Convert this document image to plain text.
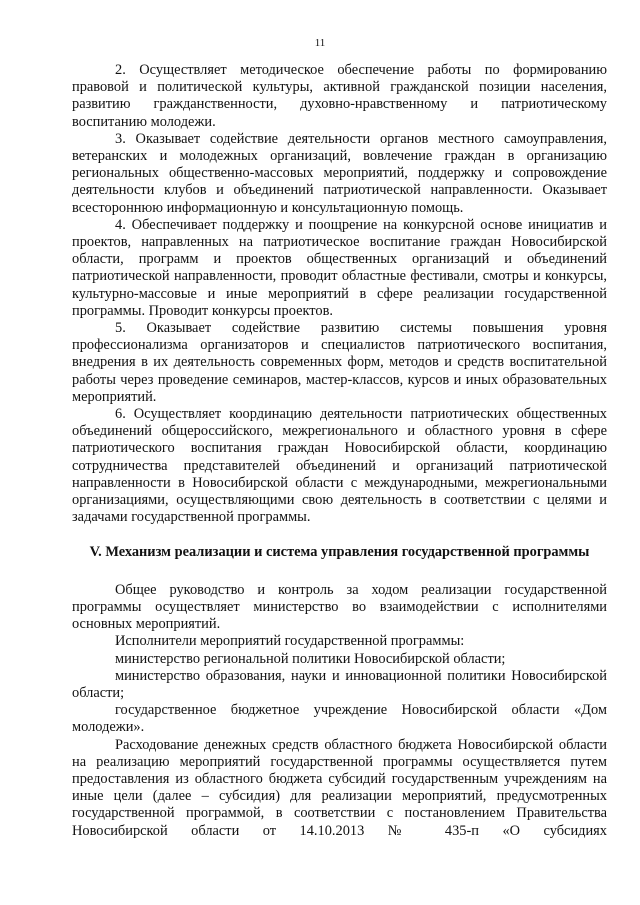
11

2. Осуществляет методическое обеспечение работы по формированию правовой и политической культуры, активной гражданской позиции населения, развитию гражданственности, духовно-нравственному и патриотическому воспитанию молодежи.

3. Оказывает содействие деятельности органов местного самоуправления, ветеранских и молодежных организаций, вовлечение граждан в организацию региональных общественно-массовых мероприятий, поддержку и сопровождение деятельности клубов и объединений патриотической направленности. Оказывает всестороннюю информационную и консультационную помощь.

4. Обеспечивает поддержку и поощрение на конкурсной основе инициатив и проектов, направленных на патриотическое воспитание граждан Новосибирской области, программ и проектов общественных организаций и объединений патриотической направленности, проводит областные фестивали, смотры и конкурсы, культурно-массовые и иные мероприятий в сфере реализации государственной программы. Проводит конкурсы проектов.

5. Оказывает содействие развитию системы повышения уровня профессионализма организаторов и специалистов патриотического воспитания, внедрения в их деятельность современных форм, методов и средств воспитательной работы через проведение семинаров, мастер-классов, курсов и иных образовательных мероприятий.

6. Осуществляет координацию деятельности патриотических общественных объединений общероссийского, межрегионального и областного уровня в сфере патриотического воспитания граждан Новосибирской области, координацию сотрудничества представителей объединений и организаций патриотической направленности в Новосибирской области с международными, межрегиональными организациями, осуществляющими свою деятельность в соответствии с целями и задачами государственной программы.

V. Механизм реализации и система управления государственной программы

Общее руководство и контроль за ходом реализации государственной программы осуществляет министерство во взаимодействии с исполнителями основных мероприятий.

Исполнители мероприятий государственной программы:

министерство региональной политики Новосибирской области;

министерство образования, науки и инновационной политики Новосибирской области;

государственное бюджетное учреждение Новосибирской области «Дом молодежи».

Расходование денежных средств областного бюджета Новосибирской области на реализацию мероприятий государственной программы осуществляется путем предоставления из областного бюджета субсидий государственным учреждениям на иные цели (далее – субсидия) для реализации мероприятий, предусмотренных государственной программой, в соответствии с постановлением Правительства Новосибирской области от 14.10.2013 № 435-п «О субсидиях
